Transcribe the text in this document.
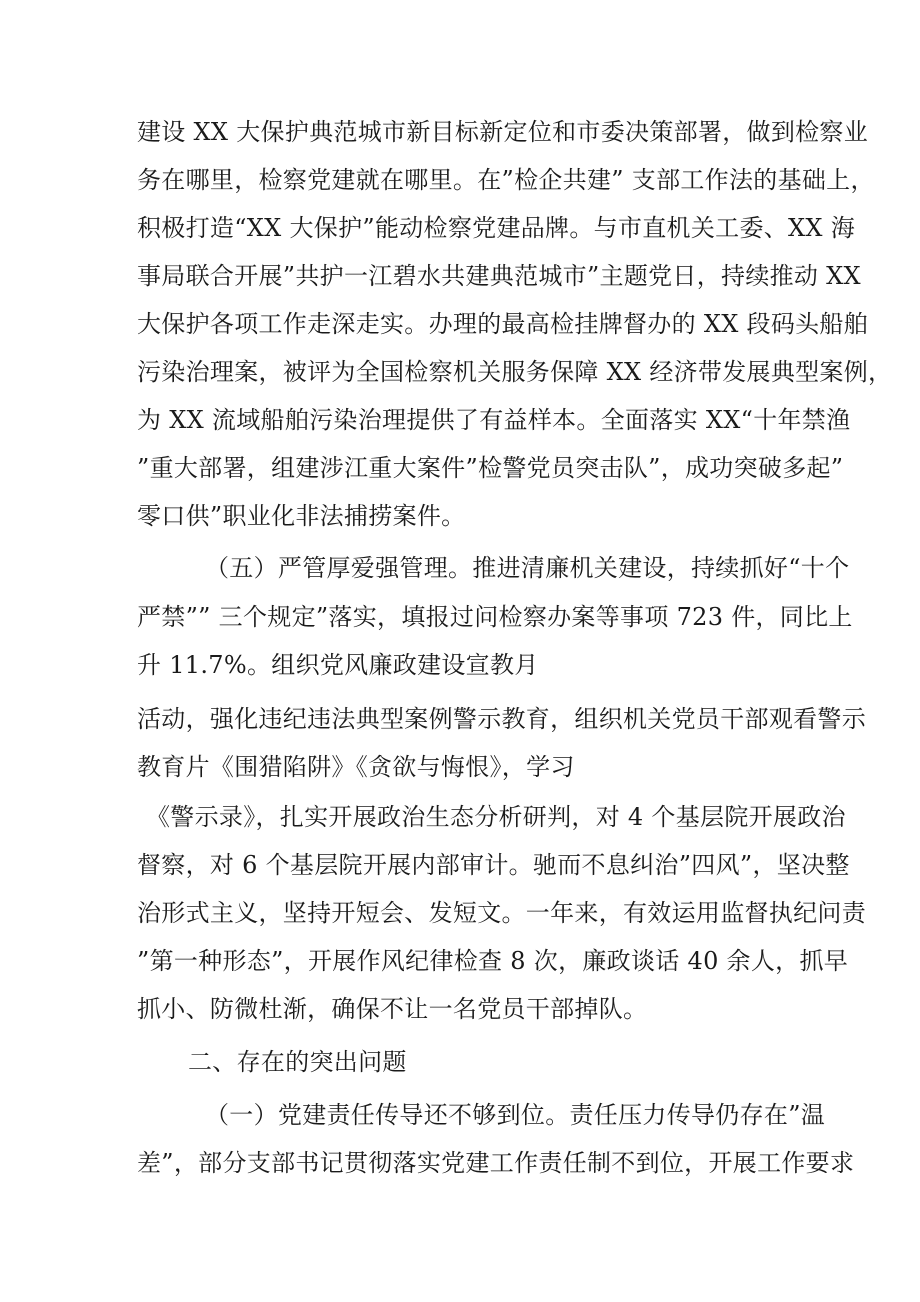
建设 XX 大保护典范城市新目标新定位和市委决策部署，做到检察业
务在哪里，检察党建就在哪里。在”检企共建” 支部工作法的基础上，
积极打造“XX 大保护”能动检察党建品牌。与市直机关工委、XX 海
事局联合开展”共护一江碧水共建典范城市”主题党日，持续推动 XX
大保护各项工作走深走实。办理的最高检挂牌督办的 XX 段码头船舶
污染治理案，被评为全国检察机关服务保障 XX 经济带发展典型案例，
为 XX 流域船舶污染治理提供了有益样本。全面落实 XX“十年禁渔
”重大部署，组建涉江重大案件”检警党员突击队”，成功突破多起”
零口供”职业化非法捕捞案件。
（五）严管厚爱强管理。推进清廉机关建设，持续抓好“十个
严禁”” 三个规定”落实，填报过问检察办案等事项 723 件，同比上
升 11.7%。组织党风廉政建设宣教月
活动，强化违纪违法典型案例警示教育，组织机关党员干部观看警示
教育片《围猎陷阱》《贪欲与悔恨》，学习
《警示录》，扎实开展政治生态分析研判，对 4 个基层院开展政治
督察，对 6 个基层院开展内部审计。驰而不息纠治”四风”，坚决整
治形式主义，坚持开短会、发短文。一年来，有效运用监督执纪问责
”第一种形态”，开展作风纪律检查 8 次，廉政谈话 40 余人，抓早
抓小、防微杜渐，确保不让一名党员干部掉队。
二、存在的突出问题
（一）党建责任传导还不够到位。责任压力传导仍存在”温
差”，部分支部书记贯彻落实党建工作责任制不到位，开展工作要求
